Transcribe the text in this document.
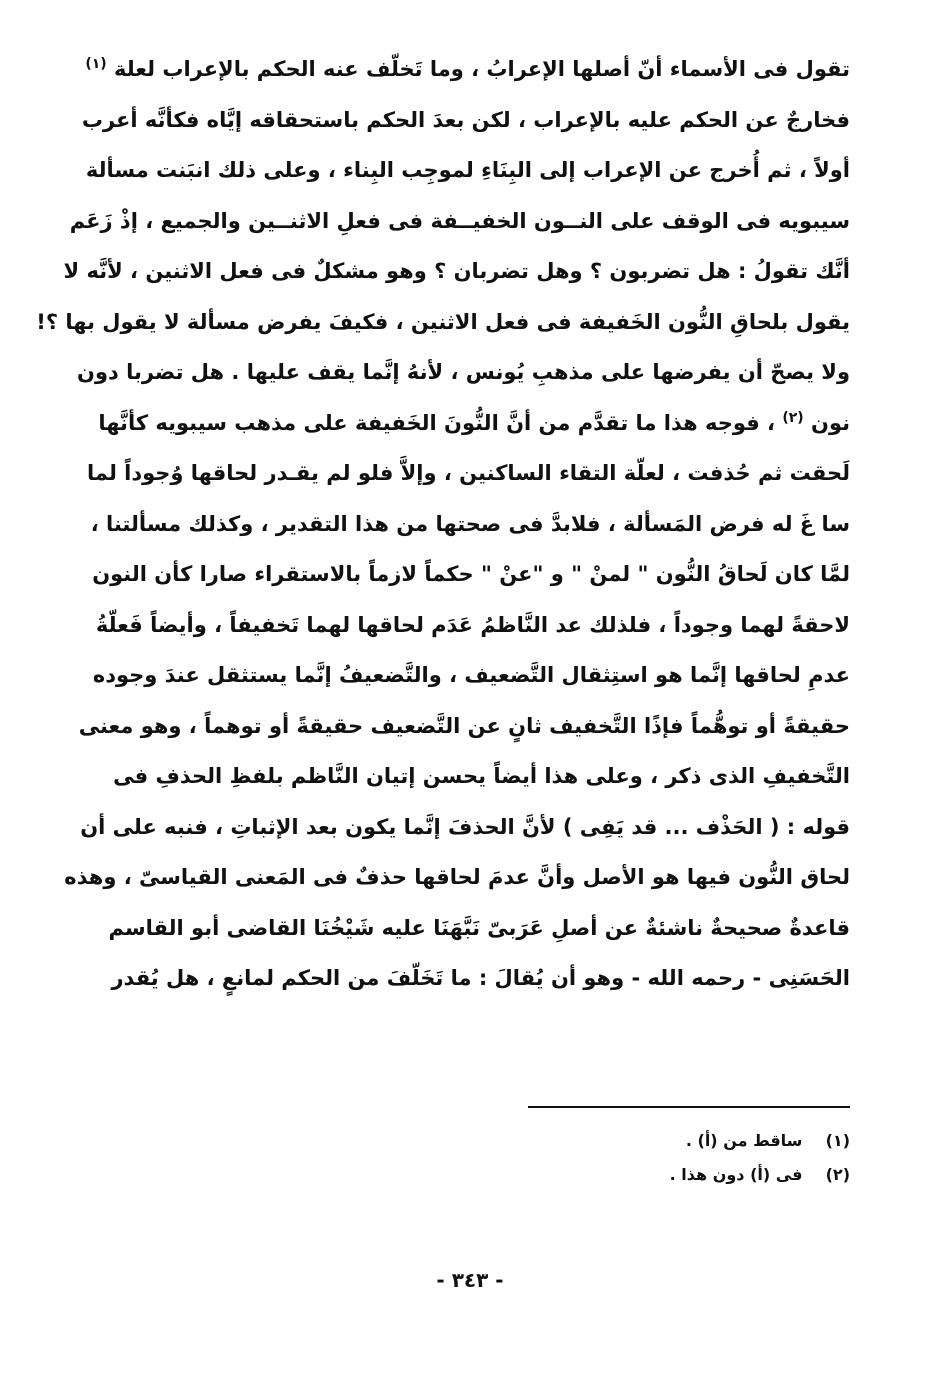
تقول فى الأسماء أنّ أصلها الإعرابُ ، وما تَخلّف عنه الحكم بالإعراب لعلة $^{(١)}$
فخارجٌ عن الحكم عليه بالإعراب ، لكن بعدَ الحكم باستحقاقه إيَّاه فكأنَّه أعرب
أولاً ، ثم أُخرج عن الإعراب إلى البِنَاءِ لموجِب البِناء ، وعلى ذلك انبَنت مسألة
سيبويه فى الوقف على النــون الخفيــفة فى فعلِ الاثنــين والجميع ، إذْ زَعَم
أنَّك تقولُ : هل تضربون ؟ وهل تضربان ؟ وهو مشكلٌ فى فعل الاثنين ، لأنَّه لا
يقول بلحاقِ النُّون الخَفيفة فى فعل الاثنين ، فكيفَ يفرض مسألة لا يقول بها ؟!
ولا يصحّ أن يفرضها على مذهبِ يُونس ، لأنهُ إنَّما يقف عليها . هل تضربا دون
نون $^{(٢)}$ ، فوجه هذا ما تقدَّم من أنَّ النُّونَ الخَفيفة على مذهب سيبويه كأنَّها
لَحقت ثم حُذفت ، لعلّة التقاء الساكنين ، وإلاَّ فلو لم يقـدر لحاقها وُجوداً لما
سا غَ له فرض المَسألة ، فلابدَّ فى صحتها من هذا التقدير ، وكذلك مسألتنا ،
لمَّا كان لَحاقُ النُّون " لمنْ " و "عنْ " حكماً لازماً بالاستقراء صارا كأن النون
لاحقةً لهما وجوداً ، فلذلك عد النَّاظمُ عَدَم لحاقها لهما تَخفيفاً ، وأيضاً فَعلّةُ
عدمِ لحاقها إنَّما هو استِثقال التَّضعيف ، والتَّضعيفُ إنَّما يستثقل عندَ وجوده
حقيقةً أو توهُّماً فإذًا التَّخفيف ثانٍ عن التَّضعيف حقيقةً أو توهماً ، وهو معنى
التَّخفيفِ الذى ذكر ، وعلى هذا أيضاً يحسن إتيان النَّاظم بلفظِ الحذفِ فى
قوله : ( الحَذْف ... قد يَفِى ) لأنَّ الحذفَ إنَّما يكون بعد الإثباتِ ، فنبه على أن
لحاق النُّون فيها هو الأصل وأنَّ عدمَ لحاقها حذفٌ فى المَعنى القياسىّ ، وهذه
قاعدةٌ صحيحةٌ ناشئةٌ عن أصلِ عَرَبىّ نَبَّهَنَا عليه شَيْخُنَا القاضى أبو القاسم
الحَسَنِى - رحمه الله - وهو أن يُقالَ : ما تَخَلّفَ من الحكم لمانعٍ ، هل يُقدر
(١) ساقط من (أ) .
(٢) فى (أ) دون هذا .
- ٣٤٣ -
